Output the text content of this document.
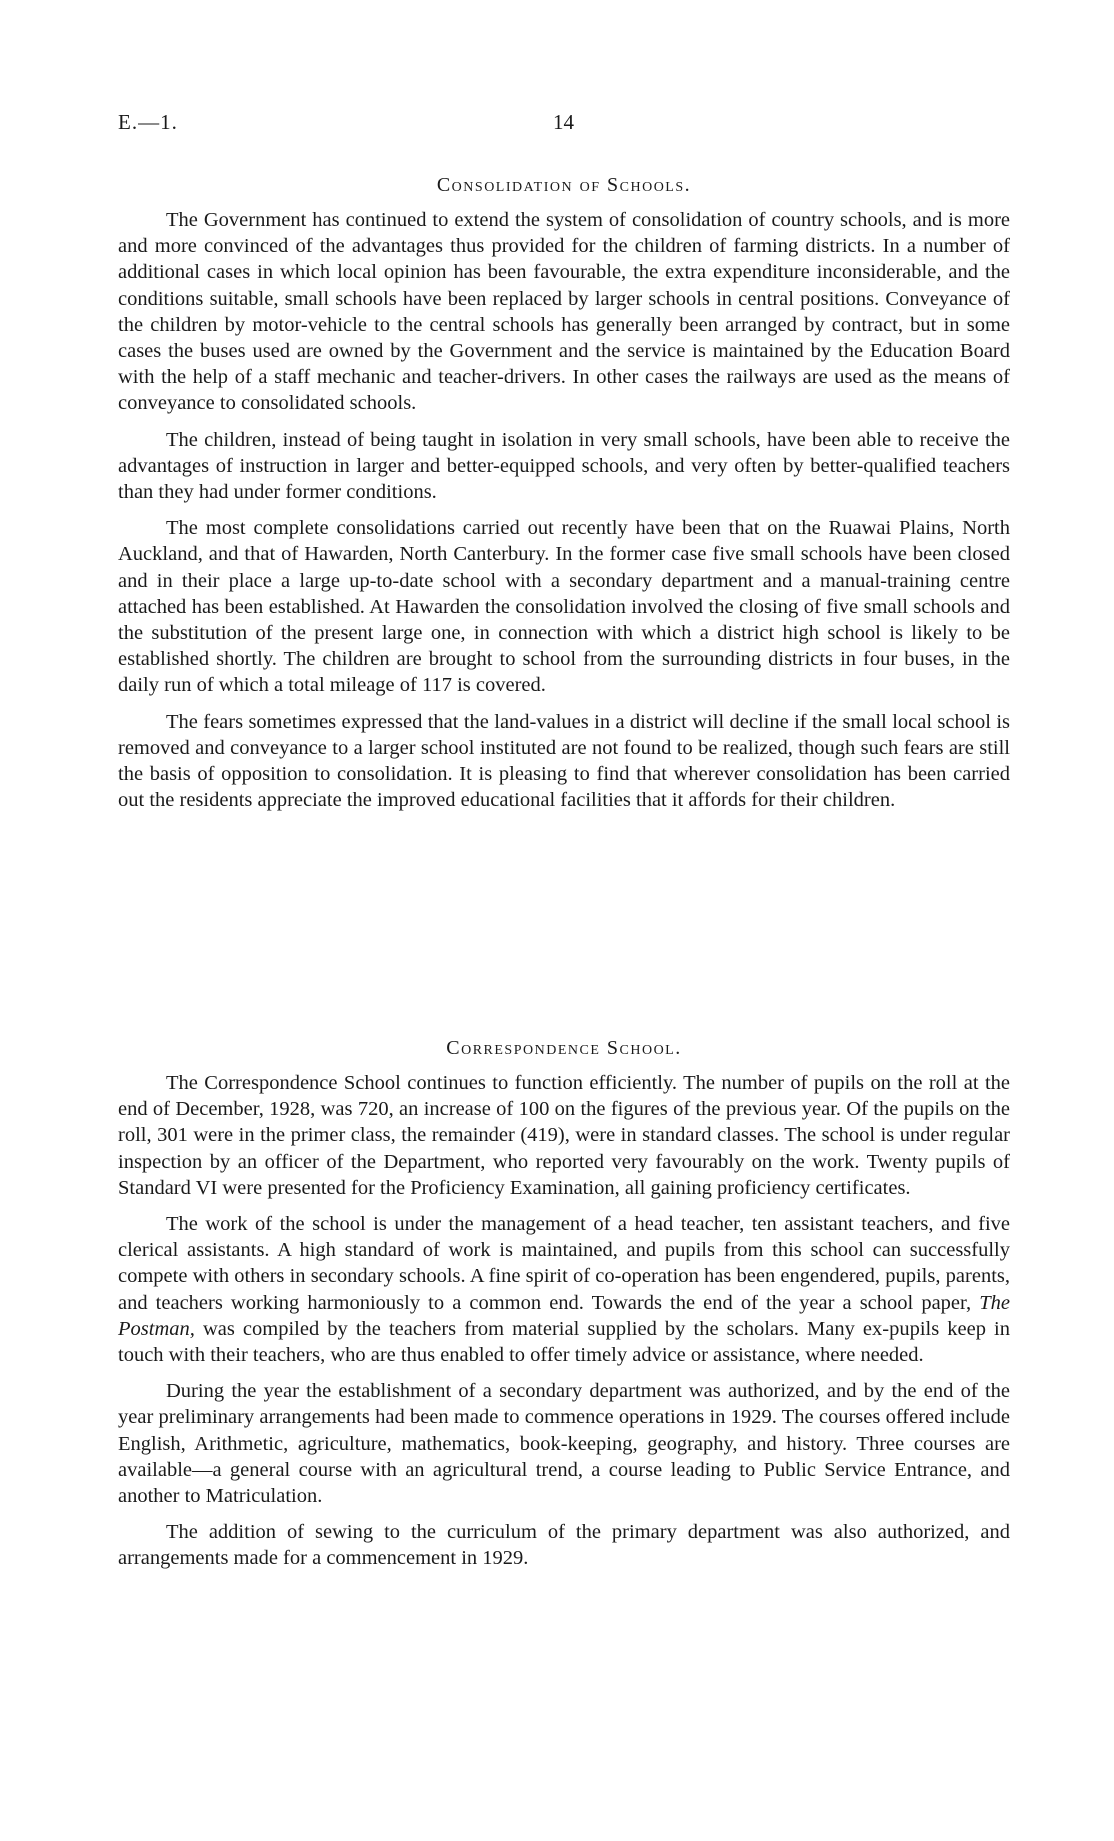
E.—1.	14
Consolidation of Schools.

The Government has continued to extend the system of consolidation of country schools, and is more and more convinced of the advantages thus provided for the children of farming districts. In a number of additional cases in which local opinion has been favourable, the extra expenditure inconsiderable, and the conditions suitable, small schools have been replaced by larger schools in central positions. Conveyance of the children by motor-vehicle to the central schools has generally been arranged by contract, but in some cases the buses used are owned by the Government and the service is maintained by the Education Board with the help of a staff mechanic and teacher-drivers. In other cases the railways are used as the means of conveyance to consolidated schools.

The children, instead of being taught in isolation in very small schools, have been able to receive the advantages of instruction in larger and better-equipped schools, and very often by better-qualified teachers than they had under former conditions.

The most complete consolidations carried out recently have been that on the Ruawai Plains, North Auckland, and that of Hawarden, North Canterbury. In the former case five small schools have been closed and in their place a large up-to-date school with a secondary department and a manual-training centre attached has been established. At Hawarden the consolidation involved the closing of five small schools and the substitution of the present large one, in connection with which a district high school is likely to be established shortly. The children are brought to school from the surrounding districts in four buses, in the daily run of which a total mileage of 117 is covered.

The fears sometimes expressed that the land-values in a district will decline if the small local school is removed and conveyance to a larger school instituted are not found to be realized, though such fears are still the basis of opposition to consolidation. It is pleasing to find that wherever consolidation has been carried out the residents appreciate the improved educational facilities that it affords for their children.

Correspondence School.

The Correspondence School continues to function efficiently. The number of pupils on the roll at the end of December, 1928, was 720, an increase of 100 on the figures of the previous year. Of the pupils on the roll, 301 were in the primer class, the remainder (419), were in standard classes. The school is under regular inspection by an officer of the Department, who reported very favourably on the work. Twenty pupils of Standard VI were presented for the Proficiency Examination, all gaining proficiency certificates.

The work of the school is under the management of a head teacher, ten assistant teachers, and five clerical assistants. A high standard of work is maintained, and pupils from this school can successfully compete with others in secondary schools. A fine spirit of co-operation has been engendered, pupils, parents, and teachers working harmoniously to a common end. Towards the end of the year a school paper, The Postman, was compiled by the teachers from material supplied by the scholars. Many ex-pupils keep in touch with their teachers, who are thus enabled to offer timely advice or assistance, where needed.

During the year the establishment of a secondary department was authorized, and by the end of the year preliminary arrangements had been made to commence operations in 1929. The courses offered include English, Arithmetic, agriculture, mathematics, book-keeping, geography, and history. Three courses are available—a general course with an agricultural trend, a course leading to Public Service Entrance, and another to Matriculation.

The addition of sewing to the curriculum of the primary department was also authorized, and arrangements made for a commencement in 1929.
